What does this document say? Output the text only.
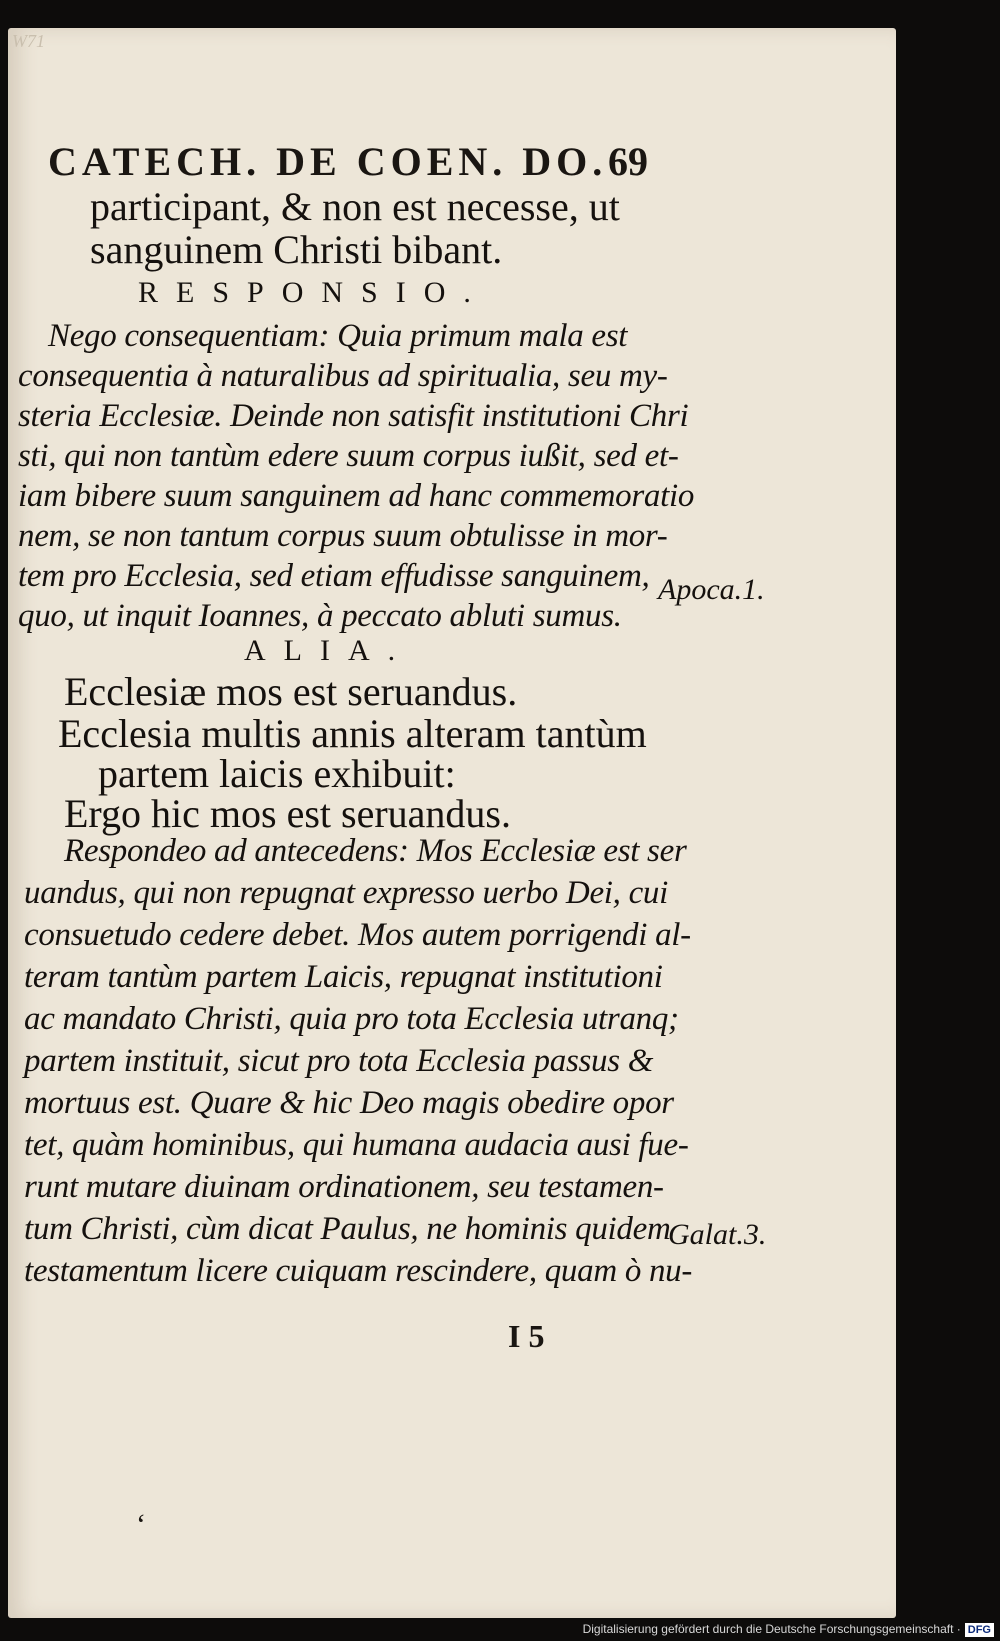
W71
CATECH. DE COEN. DO. 69
participant, & non est necesse, ut
sanguinem Christi bibant.
RESPONSIO.
Nego consequentiam: Quia primum mala est
consequentia à naturalibus ad spiritualia, seu my-
steria Ecclesiæ. Deinde non satisfit institutioni Chri
sti, qui non tantùm edere suum corpus iußit, sed et-
iam bibere suum sanguinem ad hanc commemoratio
nem, se non tantum corpus suum obtulisse in mor-
tem pro Ecclesia, sed etiam effudisse sanguinem,
quo, ut inquit Ioannes, à peccato abluti sumus.
ALIA.
Ecclesiæ mos est seruandus.
Ecclesia multis annis alteram tantùm
partem laicis exhibuit:
Ergo hic mos est seruandus.
Respondeo ad antecedens: Mos Ecclesiæ est ser
uandus, qui non repugnat expresso uerbo Dei, cui
consuetudo cedere debet. Mos autem porrigendi al-
teram tantùm partem Laicis, repugnat institutioni
ac mandato Christi, quia pro tota Ecclesia utranq;
partem instituit, sicut pro tota Ecclesia passus &
mortuus est. Quare & hic Deo magis obedire opor
tet, quàm hominibus, qui humana audacia ausi fue-
runt mutare diuinam ordinationem, seu testamen-
tum Christi, cùm dicat Paulus, ne hominis quidem
testamentum licere cuiquam rescindere, quam ò nu-
Apoca.1.
Galat.3.
I 5
ʻ
Digitalisierung gefördert durch die Deutsche Forschungsgemeinschaft · DFG
